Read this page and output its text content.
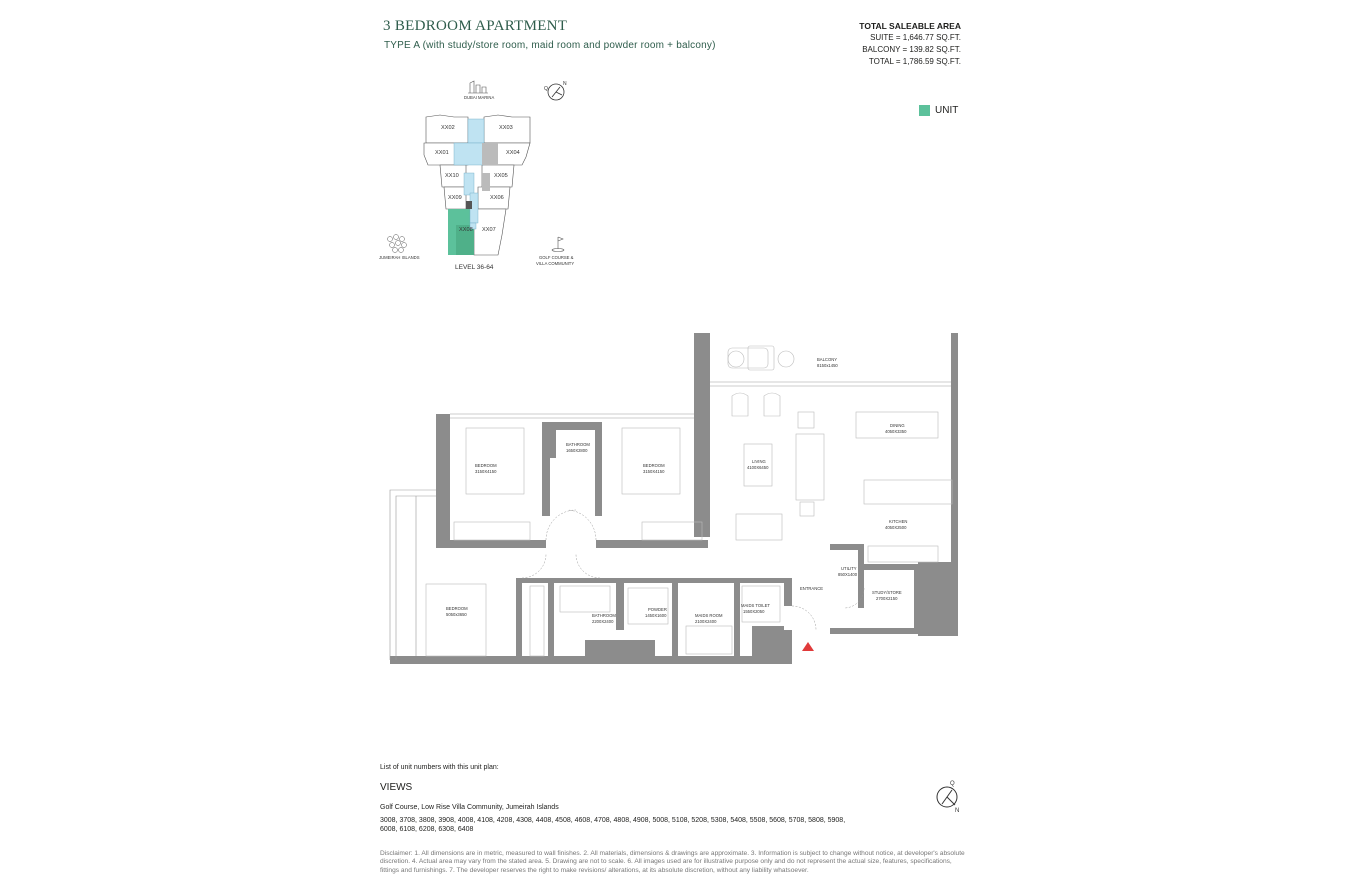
3 BEDROOM APARTMENT
TYPE A (with study/store room, maid room and powder room + balcony)
TOTAL SALEABLE AREA
SUITE = 1,646.77 SQ.FT.
BALCONY = 139.82 SQ.FT.
TOTAL = 1,786.59 SQ.FT.
UNIT
XX02	XX03
XX01	XX04
XX10	XX05
XX09	XX06
XX08 XX07
LEVEL 36-64
DUBAI MARINA
Q
N
JUMEIRAH ISLANDS	GOLF COURSE &
VILLA COMMUNITY
BALCONY
8150x1450
DINING
4050X3350
LIVING
4100X6450
KITCHEN
4050X2500
BEDROOM
3150X4150
BATHROOM
1650X2800
BEDROOM
3150X4150
UTILITY
850X1400
STUDY/STORE
2700X2150
ENTRANCE
BEDROOM
5050x3650	BATHROOM
2200X2400
POWDER
1450X1600	MAIDS ROOM
2100X2400
MAIDS TOILET
1550X2050
List of unit numbers with this unit plan:
VIEWS
Golf Course, Low Rise Villa Community, Jumeirah Islands
3008, 3708, 3808, 3908, 4008, 4108, 4208, 4308, 4408, 4508, 4608, 4708, 4808, 4908, 5008, 5108, 5208, 5308, 5408, 5508, 5608, 5708, 5808, 5908, 6008, 6108, 6208, 6308, 6408
Q
N
Disclaimer: 1. All dimensions are in metric, measured to wall finishes. 2. All materials, dimensions & drawings are approximate. 3. Information is subject to change without notice, at developer's absolute discretion. 4. Actual area may vary from the stated area. 5. Drawing are not to scale. 6. All images used are for illustrative purpose only and do not represent the actual size, features, specifications, fittings and furnishings. 7. The developer reserves the right to make revisions/ alterations, at its absolute discretion, without any liability whatsoever.
